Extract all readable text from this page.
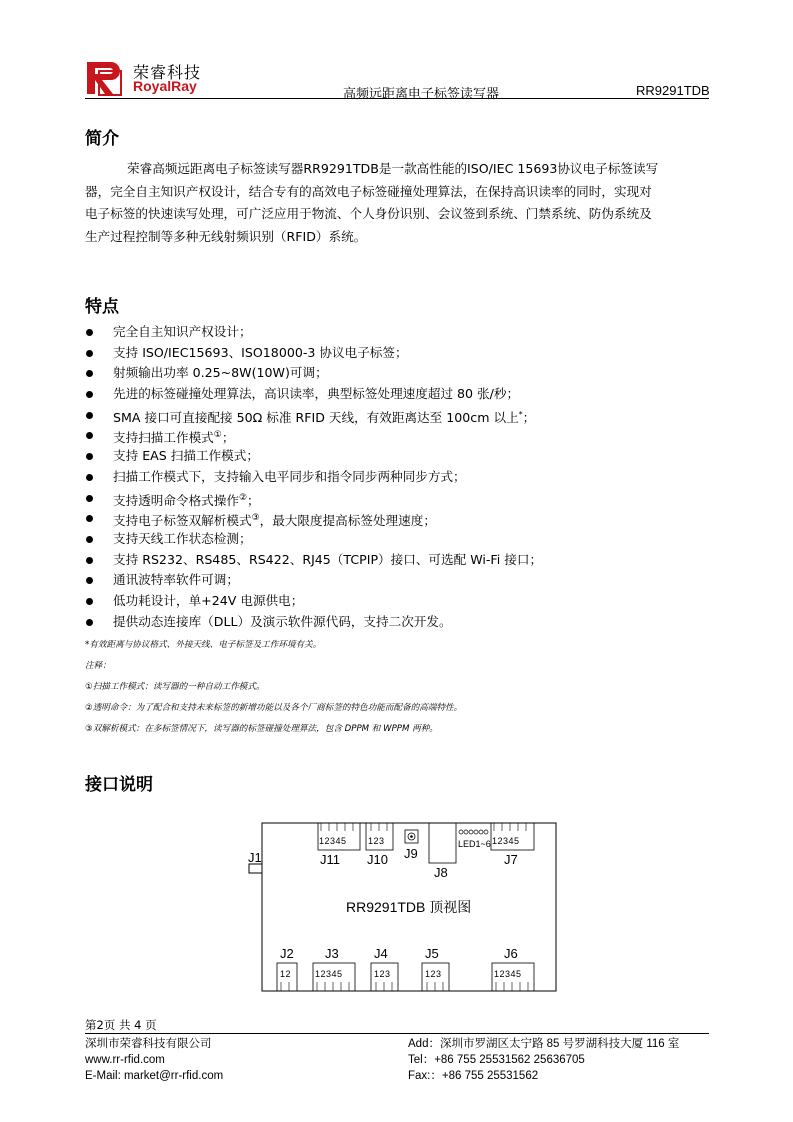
荣睿科技
RoyalRay
高频远距离电子标签读写器	RR9291TDB
简介
荣睿高频远距离电子标签读写器RR9291TDB是一款高性能的ISO/IEC 15693协议电子标签读写
器，完全自主知识产权设计，结合专有的高效电子标签碰撞处理算法，在保持高识读率的同时，实现对
电子标签的快速读写处理，可广泛应用于物流、个人身份识别、会议签到系统、门禁系统、防伪系统及
生产过程控制等多种无线射频识别（RFID）系统。
特点
完全自主知识产权设计；
支持 ISO/IEC15693、ISO18000-3 协议电子标签；
射频输出功率 0.25~8W(10W)可调；
先进的标签碰撞处理算法，高识读率，典型标签处理速度超过 80 张/秒；
SMA 接口可直接配接 50Ω 标准 RFID 天线，有效距离达至 100cm 以上*；
支持扫描工作模式①；
支持 EAS 扫描工作模式；
扫描工作模式下，支持输入电平同步和指令同步两种同步方式；
支持透明命令格式操作②；
支持电子标签双解析模式③，最大限度提高标签处理速度；
支持天线工作状态检测；
支持 RS232、RS485、RS422、RJ45（TCPIP）接口、可选配 Wi-Fi 接口；
通讯波特率软件可调；
低功耗设计，单+24V 电源供电；
提供动态连接库（DLL）及演示软件源代码，支持二次开发。
*有效距离与协议格式、外接天线、电子标签及工作环境有关。
注释：
①扫描工作模式：读写器的一种自动工作模式。
②透明命令：为了配合和支持未来标签的新增功能以及各个厂商标签的特色功能而配备的高端特性。
③双解析模式：在多标签情况下，读写器的标签碰撞处理算法，包含 DPPM 和 WPPM 两种。
接口说明
J1
12345
J11
123
J10 J9
J8
LED1~6 12345
J7
RR9291TDB 顶视图
J2
12
J3
12345
J4
123
J5
123
J6
12345
第2页 共 4 页
深圳市荣睿科技有限公司
www.rr-rfid.com
E-Mail: market@rr-rfid.com
Add：深圳市罗湖区太宁路 85 号罗湖科技大厦 116 室
Tel：+86 755 25531562 25636705
Fax:：+86 755 25531562
